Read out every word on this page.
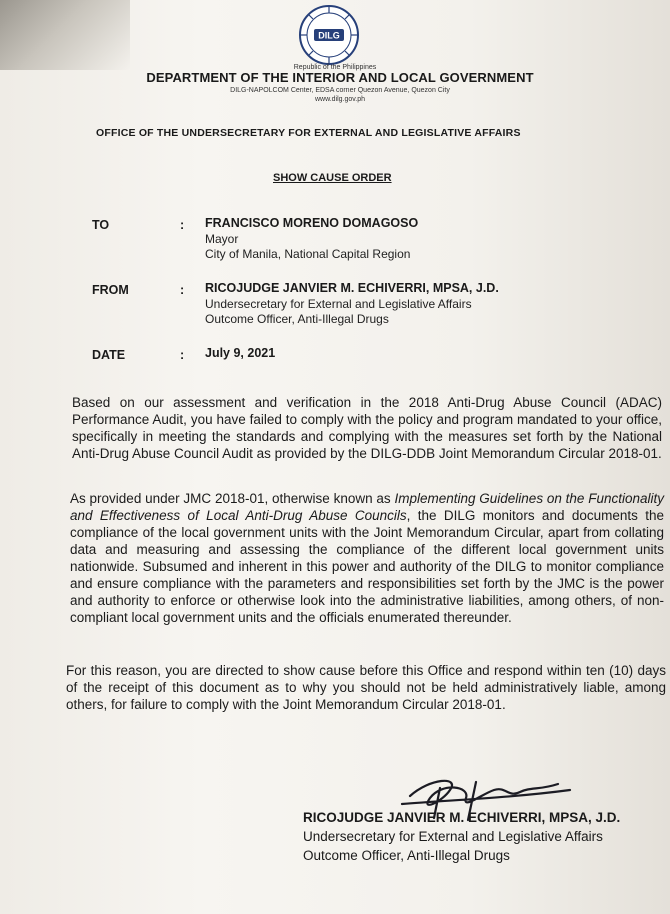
DILG
Republic of the Philippines
DEPARTMENT OF THE INTERIOR AND LOCAL GOVERNMENT
DILG-NAPOLCOM Center, EDSA corner Quezon Avenue, Quezon City
www.dilg.gov.ph
OFFICE OF THE UNDERSECRETARY FOR EXTERNAL AND LEGISLATIVE AFFAIRS
SHOW CAUSE ORDER
TO	: FRANCISCO MORENO DOMAGOSO
Mayor
City of Manila, National Capital Region
FROM	: RICOJUDGE JANVIER M. ECHIVERRI, MPSA, J.D.
Undersecretary for External and Legislative Affairs
Outcome Officer, Anti-Illegal Drugs
DATE	: July 9, 2021
Based on our assessment and verification in the 2018 Anti-Drug Abuse Council (ADAC) Performance Audit, you have failed to comply with the policy and program mandated to your office, specifically in meeting the standards and complying with the measures set forth by the National Anti-Drug Abuse Council Audit as provided by the DILG-DDB Joint Memorandum Circular 2018-01.
As provided under JMC 2018-01, otherwise known as Implementing Guidelines on the Functionality and Effectiveness of Local Anti-Drug Abuse Councils, the DILG monitors and documents the compliance of the local government units with the Joint Memorandum Circular, apart from collating data and measuring and assessing the compliance of the different local government units nationwide. Subsumed and inherent in this power and authority of the DILG to monitor compliance and ensure compliance with the parameters and responsibilities set forth by the JMC is the power and authority to enforce or otherwise look into the administrative liabilities, among others, of non-compliant local government units and the officials enumerated thereunder.
For this reason, you are directed to show cause before this Office and respond within ten (10) days of the receipt of this document as to why you should not be held administratively liable, among others, for failure to comply with the Joint Memorandum Circular 2018-01.
RICOJUDGE JANVIER M. ECHIVERRI, MPSA, J.D.
Undersecretary for External and Legislative Affairs
Outcome Officer, Anti-Illegal Drugs
